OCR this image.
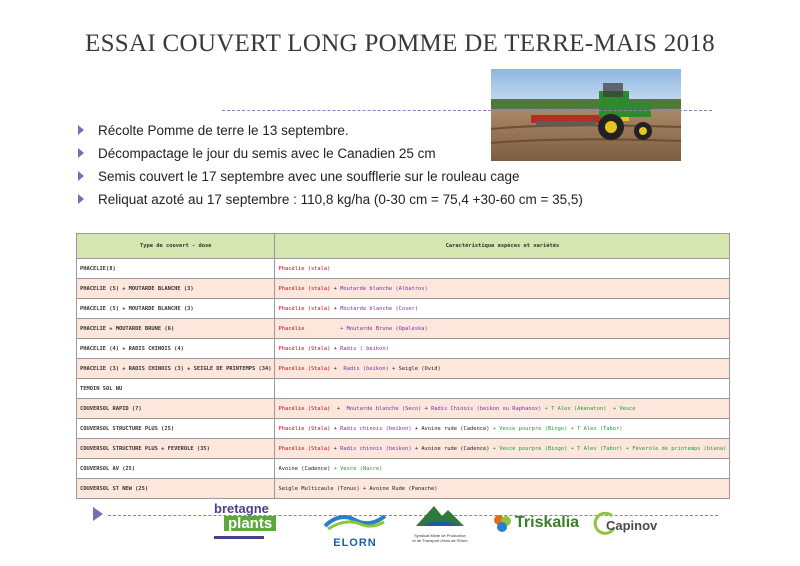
ESSAI COUVERT LONG POMME DE TERRE-MAIS 2018
Récolte Pomme de terre le 13 septembre.
Décompactage le jour du semis avec le Canadien 25 cm
Semis couvert le 17 septembre avec une soufflerie sur le rouleau cage
Reliquat azoté au 17 septembre : 110,8 kg/ha (0-30 cm = 75,4 +30-60 cm = 35,5)
Type de couvert - dose	Caractéristique espèces et variétés
PHACELIE(8)	Phacélie (stala)
PHACELIE (5) + MOUTARDE BLANCHE (3)	Phacélie (stala) + Moutarde blanche (Albatros)
PHACELIE (5) + MOUTARDE BLANCHE (3)	Phacélie (stala) + Moutarde blanche (Cover)
PHACELIE + MOUTARDE BRUNE (6)	Phacélie           + Moutarde Brune (Opaleska)
PHACELIE (4) + RADIS CHINOIS (4)	Phacélie (Stala) + Radis ( beikon)
PHACELIE (3) + RADIS CHINOIS (3) + SEIGLE DE PRINTEMPS (34)	Phacélie (Stala) +  Radis (beikon) + Seigle (Ovid)
TEMOIN SOL NU	
COUVERSOL RAPID (7)	Phacélie (Stala)  +  Moutarde blanche (Seco) + Radis Chinois (beikon ou Raphanox) + T Alex (Akenaton)  + Vesce
COUVERSOL STRUCTURE PLUS (25)	Phacélie (Stala) + Radis chinois (beikon) + Avoine rude (Cadence) + Vesce pourpre (Bingo) + T Alex (Tabor)
COUVERSOL STRUCTURE PLUS + FEVEROLE (35)	Phacélie (Stala) + Radis chinois (beikon) + Avoine rude (Cadence) + Vesce pourpre (Bingo) + T Alex (Tabor) + Féverole de printemps (biana)
COUVERSOL AV (25)	Avoine (Cadence) + Vesce (Nacre)
COUVERSOL ST NEW (25)	Seigle Multicaule (Tonus) + Avoine Rude (Panache)
bretagne
plants
ELORN
Syndicat Mixte de Production
et de Transport d'eau de l'Elorn
Triskalia Capinov
